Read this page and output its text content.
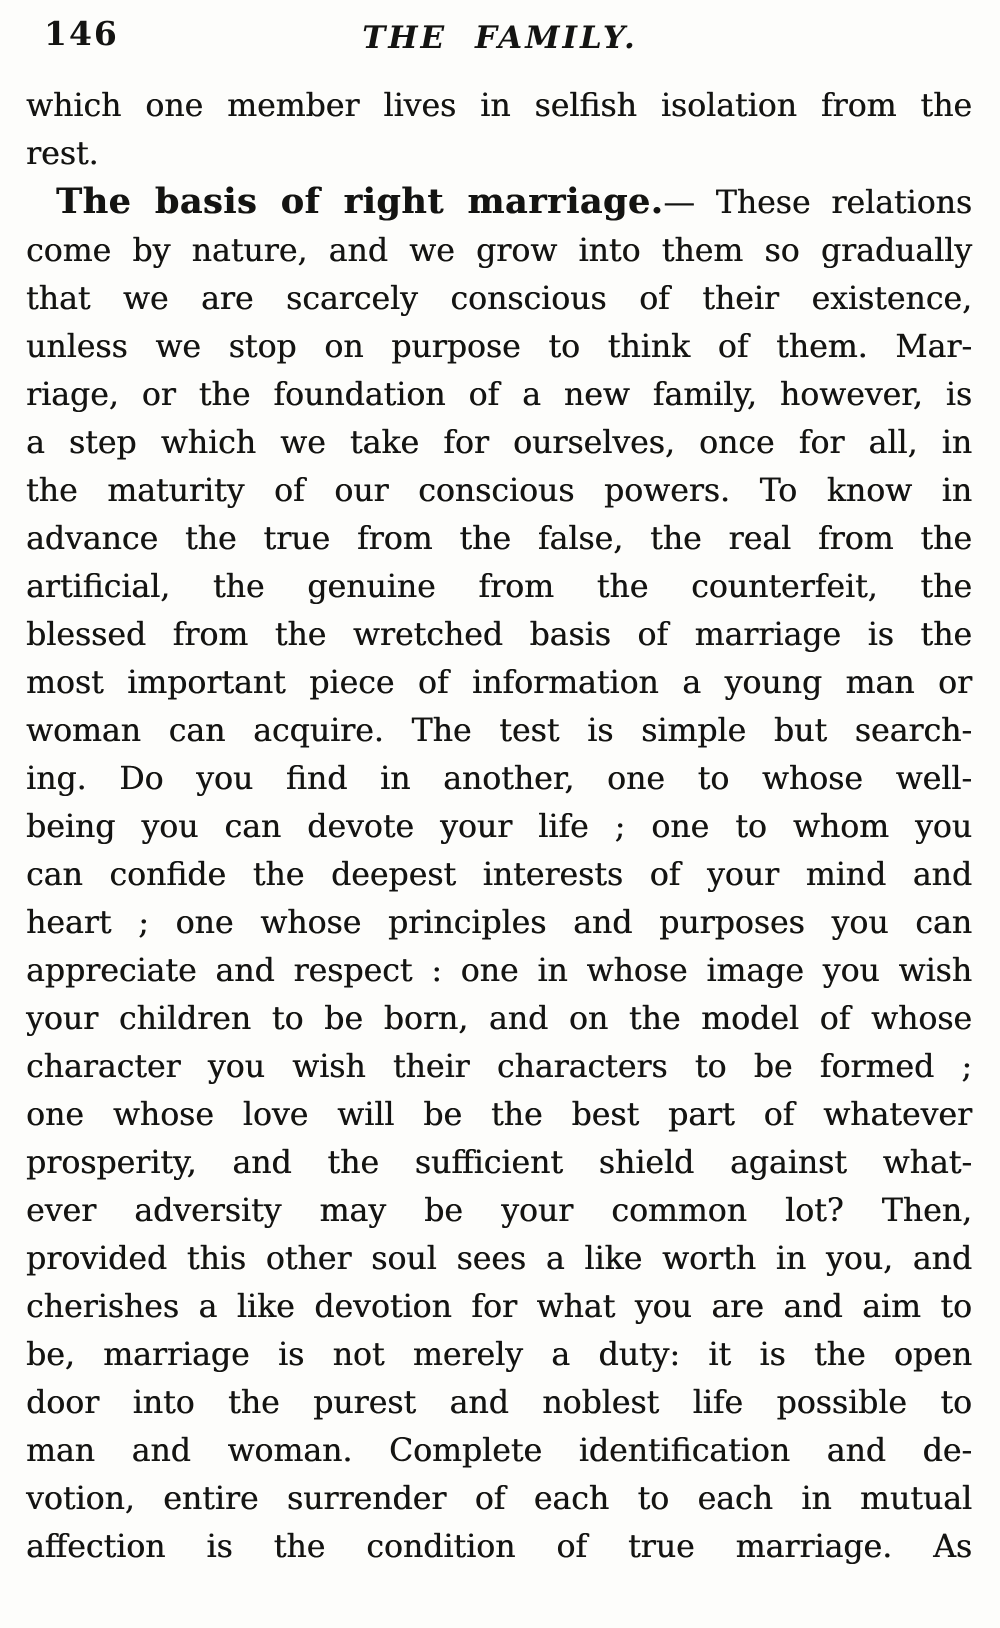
146	THE FAMILY.
which one member lives in selfish isolation from the
rest.
The basis of right marriage.— These relations
come by nature, and we grow into them so gradually
that we are scarcely conscious of their existence,
unless we stop on purpose to think of them. Mar-
riage, or the foundation of a new family, however, is
a step which we take for ourselves, once for all, in
the maturity of our conscious powers. To know in
advance the true from the false, the real from the
artificial, the genuine from the counterfeit, the
blessed from the wretched basis of marriage is the
most important piece of information a young man or
woman can acquire. The test is simple but search-
ing. Do you find in another, one to whose well-
being you can devote your life ; one to whom you
can confide the deepest interests of your mind and
heart ; one whose principles and purposes you can
appreciate and respect : one in whose image you wish
your children to be born, and on the model of whose
character you wish their characters to be formed ;
one whose love will be the best part of whatever
prosperity, and the sufficient shield against what-
ever adversity may be your common lot? Then,
provided this other soul sees a like worth in you, and
cherishes a like devotion for what you are and aim to
be, marriage is not merely a duty: it is the open
door into the purest and noblest life possible to
man and woman. Complete identification and de-
votion, entire surrender of each to each in mutual
affection is the condition of true marriage. As
